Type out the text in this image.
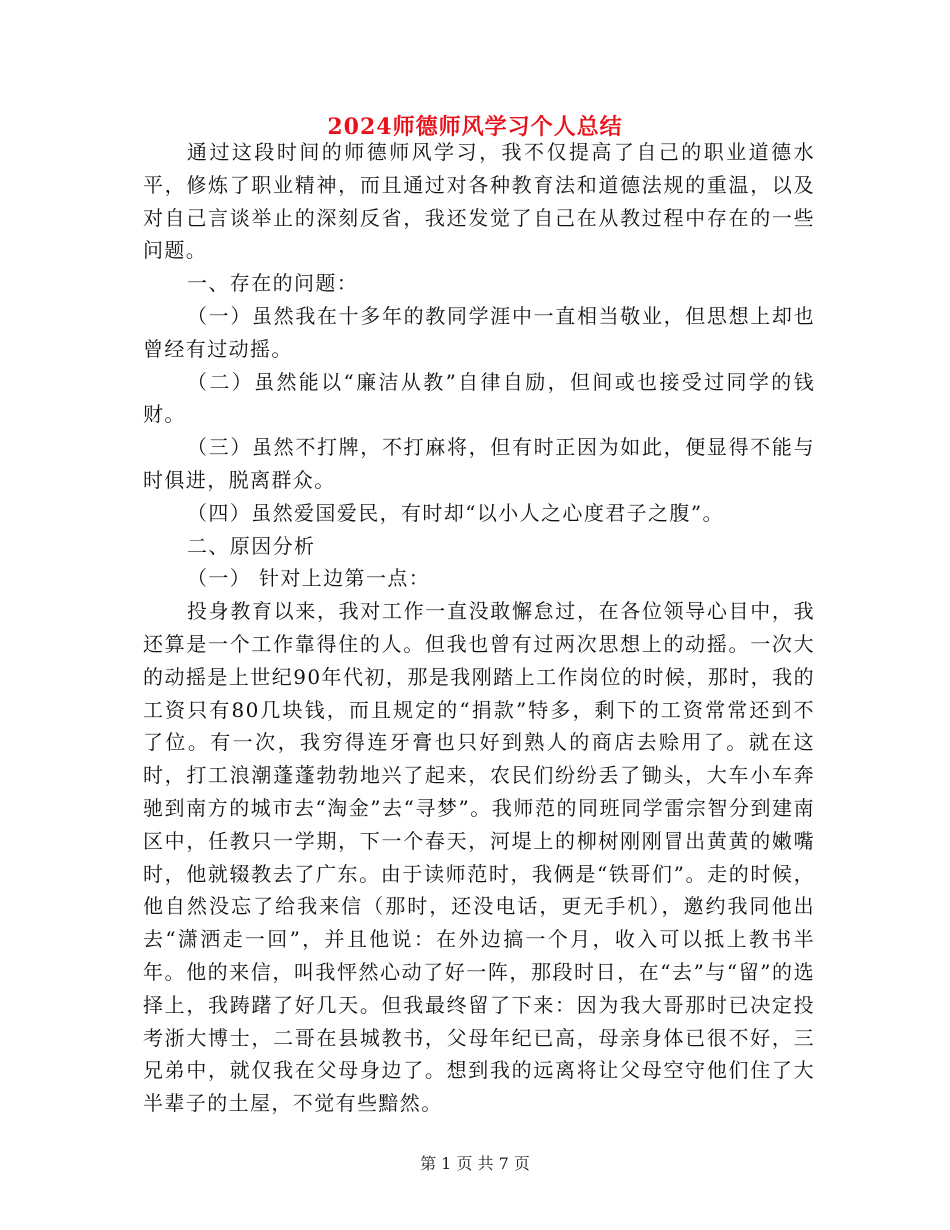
2024师德师风学习个人总结

通过这段时间的师德师风学习，我不仅提高了自己的职业道德水平，修炼了职业精神，而且通过对各种教育法和道德法规的重温，以及对自己言谈举止的深刻反省，我还发觉了自己在从教过程中存在的一些问题。

一、存在的问题：

（一）虽然我在十多年的教同学涯中一直相当敬业，但思想上却也曾经有过动摇。

（二）虽然能以“廉洁从教”自律自励，但间或也接受过同学的钱财。

（三）虽然不打牌，不打麻将，但有时正因为如此，便显得不能与时俱进，脱离群众。

（四）虽然爱国爱民，有时却“以小人之心度君子之腹”。

二、原因分析

（一） 针对上边第一点：

投身教育以来，我对工作一直没敢懈怠过，在各位领导心目中，我还算是一个工作靠得住的人。但我也曾有过两次思想上的动摇。一次大的动摇是上世纪90年代初，那是我刚踏上工作岗位的时候，那时，我的工资只有80几块钱，而且规定的“捐款”特多，剩下的工资常常还到不了位。有一次，我穷得连牙膏也只好到熟人的商店去赊用了。就在这时，打工浪潮蓬蓬勃勃地兴了起来，农民们纷纷丢了锄头，大车小车奔驰到南方的城市去“淘金”去“寻梦”。我师范的同班同学雷宗智分到建南区中，任教只一学期，下一个春天，河堤上的柳树刚刚冒出黄黄的嫩嘴时，他就辍教去了广东。由于读师范时，我俩是“铁哥们”。走的时候，他自然没忘了给我来信（那时，还没电话，更无手机），邀约我同他出去“潇洒走一回”，并且他说：在外边搞一个月，收入可以抵上教书半年。他的来信，叫我怦然心动了好一阵，那段时日，在“去”与“留”的选择上，我踌躇了好几天。但我最终留了下来：因为我大哥那时已决定投考浙大博士，二哥在县城教书，父母年纪已高，母亲身体已很不好，三兄弟中，就仅我在父母身边了。想到我的远离将让父母空守他们住了大半辈子的土屋，不觉有些黯然。

第 1 页 共 7 页
